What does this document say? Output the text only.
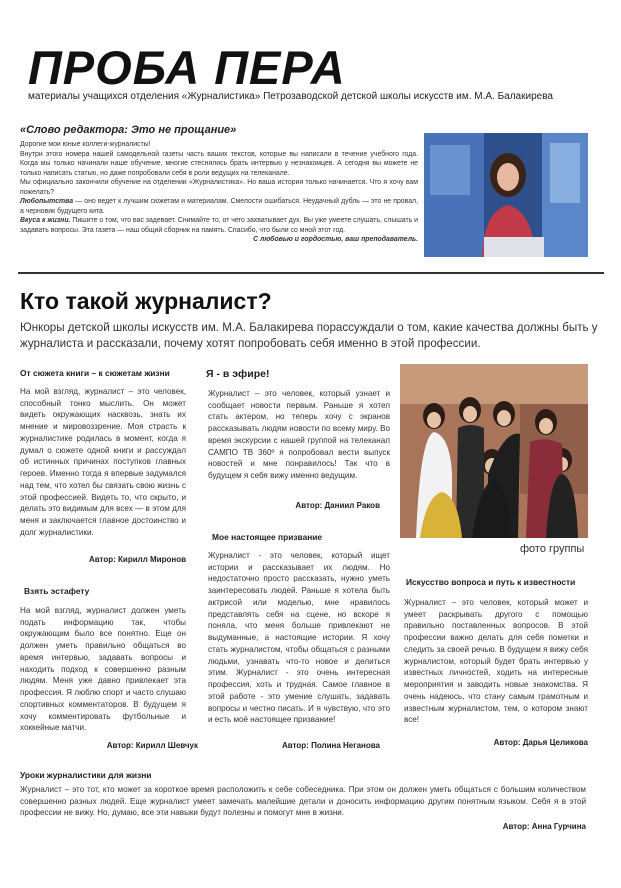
ПРОБА ПЕРА
материалы учащихся отделения «Журналистика» Петрозаводской детской школы искусств им. М.А. Балакирева
«Слово редактора: Это не прощание»

Дорогие мои юные коллеги-журналисты!

Внутри этого номера нашей самодельной газеты часть ваших текстов, которые вы написали в течение учебного года. Когда мы только начинали наше обучение, многие стеснялись брать интервью у незнакомцев. А сегодня вы можете не только написать статью, но даже попробовали себя в роли ведущих на телеканале.

Мы официально закончили обучение на отделении «Журналистика». Но ваша история только начинается. Что я хочу вам пожелать?

Любопытства — оно ведет к лучшим сюжетам и материалам. Смелости ошибаться. Неудачный дубль — это не провал, а черновик будущего кита.

Вкуса к жизни. Пишите о том, что вас задевает. Снимайте то, от чего захватывает дух. Вы уже умеете слушать, слышать и задавать вопросы. Эта газета — наш общий сборник на память. Спасибо, что были со мной этот год.

С любовью и гордостью, ваш преподаватель.

Кто такой журналист?
Юнкоры детской школы искусств им. М.А. Балакирева порассуждали о том, какие качества должны быть у журналиста и рассказали, почему хотят попробовать себя именно в этой профессии.
От сюжета книги – к сюжетам жизни
На мой взгляд, журналист – это человек, способный тонко мыслить. Он может видеть окружающих насквозь, знать их мнение и мировоззрение. Моя страсть к журналистике родилась в момент, когда я думал о сюжете одной книги и рассуждал об истинных причинах поступков главных героев. Именно тогда я впервые задумался над тем, что хотел бы связать свою жизнь с этой профессией. Видеть то, что скрыто, и делать это видимым для всех — в этом для меня и заключается главное достоинство и долг журналистики.
Автор: Кирилл Миронов
Взять эстафету
На мой взгляд, журналист должен уметь подать информацию так, чтобы окружающим было все понятно. Еще он должен уметь правильно общаться во время интервью, задавать вопросы и находить подход к совершенно разным людям. Меня уже давно привлекает эта профессия. Я люблю спорт и часто слушаю спортивных комментаторов. В будущем я хочу комментировать футбольные и хоккейные матчи.
Автор: Кирилл Шевчук
Я - в эфире!
Журналист – это человек, который узнает и сообщает новости первым. Раньше я хотел стать актером, но теперь хочу с экранов рассказывать людям новости по всему миру. Во время экскурсии с нашей группой на телеканал САМПО ТВ 360º я попробовал вести выпуск новостей и мне понравилось! Так что в будущем я себя вижу именно ведущим.
Автор: Даниил Раков
Мое настоящее призвание
Журналист - это человек, который ищет истории и рассказывает их людям. Но недостаточно просто рассказать, нужно уметь заинтересовать людей. Раньше я хотела быть актрисой или моделью, мне нравилось представлять себя на сцене, но вскоре я поняла, что меня больше привлекают не выдуманные, а настоящие истории. Я хочу стать журналистом, чтобы общаться с разными людьми, узнавать что-то новое и делиться этим. Журналист - это очень интересная профессия, хоть и трудная. Самое главное в этой работе - это умение слушать, задавать вопросы и честно писать. И я чувствую, что это и есть моё настоящее призвание!
Автор: Полина Неганова
фото группы
Искусство вопроса и путь к известности
Журналист – это человек, который может и умеет раскрывать другого с помощью правильно поставленных вопросов. В этой профессии важно делать для себя пометки и следить за своей речью. В будущем я вижу себя журналистом, который будет брать интервью у известных личностей, ходить на интересные мероприятия и заводить новые знакомства. Я очень надеюсь, что стану самым грамотным и известным журналистом, тем, о котором знают все!
Автор: Дарья Целикова
Уроки журналистики для жизни
Журналист – это тот, кто может за короткое время расположить к себе собеседника. При этом он должен уметь общаться с большим количеством совершенно разных людей. Еще журналист умеет замечать малейшие детали и доносить информацию другим понятным языком. Себя я в этой профессии не вижу. Но, думаю, все эти навыки будут полезны и помогут мне в жизни.
Автор: Анна Гурчина
